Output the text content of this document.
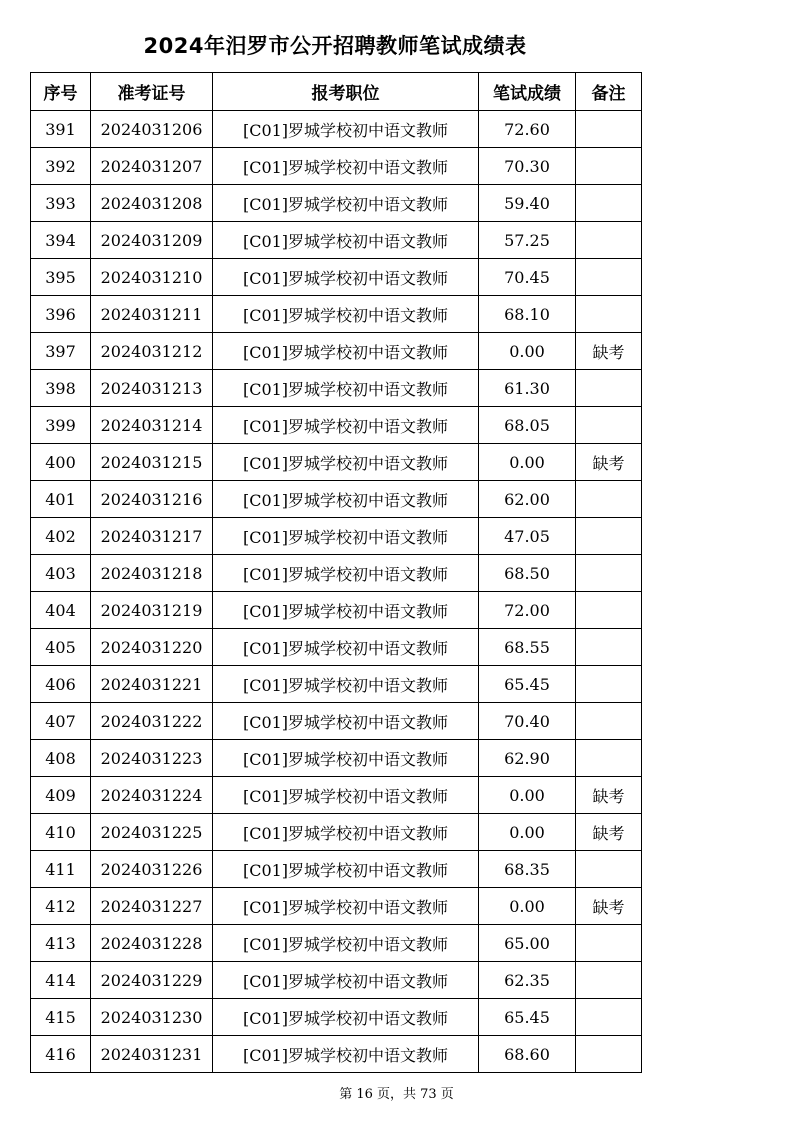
2024年汨罗市公开招聘教师笔试成绩表
序号	准考证号	报考职位	笔试成绩	备注
391	2024031206	[C01]罗城学校初中语文教师	72.60	
392	2024031207	[C01]罗城学校初中语文教师	70.30	
393	2024031208	[C01]罗城学校初中语文教师	59.40	
394	2024031209	[C01]罗城学校初中语文教师	57.25	
395	2024031210	[C01]罗城学校初中语文教师	70.45	
396	2024031211	[C01]罗城学校初中语文教师	68.10	
397	2024031212	[C01]罗城学校初中语文教师	0.00	缺考
398	2024031213	[C01]罗城学校初中语文教师	61.30	
399	2024031214	[C01]罗城学校初中语文教师	68.05	
400	2024031215	[C01]罗城学校初中语文教师	0.00	缺考
401	2024031216	[C01]罗城学校初中语文教师	62.00	
402	2024031217	[C01]罗城学校初中语文教师	47.05	
403	2024031218	[C01]罗城学校初中语文教师	68.50	
404	2024031219	[C01]罗城学校初中语文教师	72.00	
405	2024031220	[C01]罗城学校初中语文教师	68.55	
406	2024031221	[C01]罗城学校初中语文教师	65.45	
407	2024031222	[C01]罗城学校初中语文教师	70.40	
408	2024031223	[C01]罗城学校初中语文教师	62.90	
409	2024031224	[C01]罗城学校初中语文教师	0.00	缺考
410	2024031225	[C01]罗城学校初中语文教师	0.00	缺考
411	2024031226	[C01]罗城学校初中语文教师	68.35	
412	2024031227	[C01]罗城学校初中语文教师	0.00	缺考
413	2024031228	[C01]罗城学校初中语文教师	65.00	
414	2024031229	[C01]罗城学校初中语文教师	62.35	
415	2024031230	[C01]罗城学校初中语文教师	65.45	
416	2024031231	[C01]罗城学校初中语文教师	68.60	
第 16 页，共 73 页
